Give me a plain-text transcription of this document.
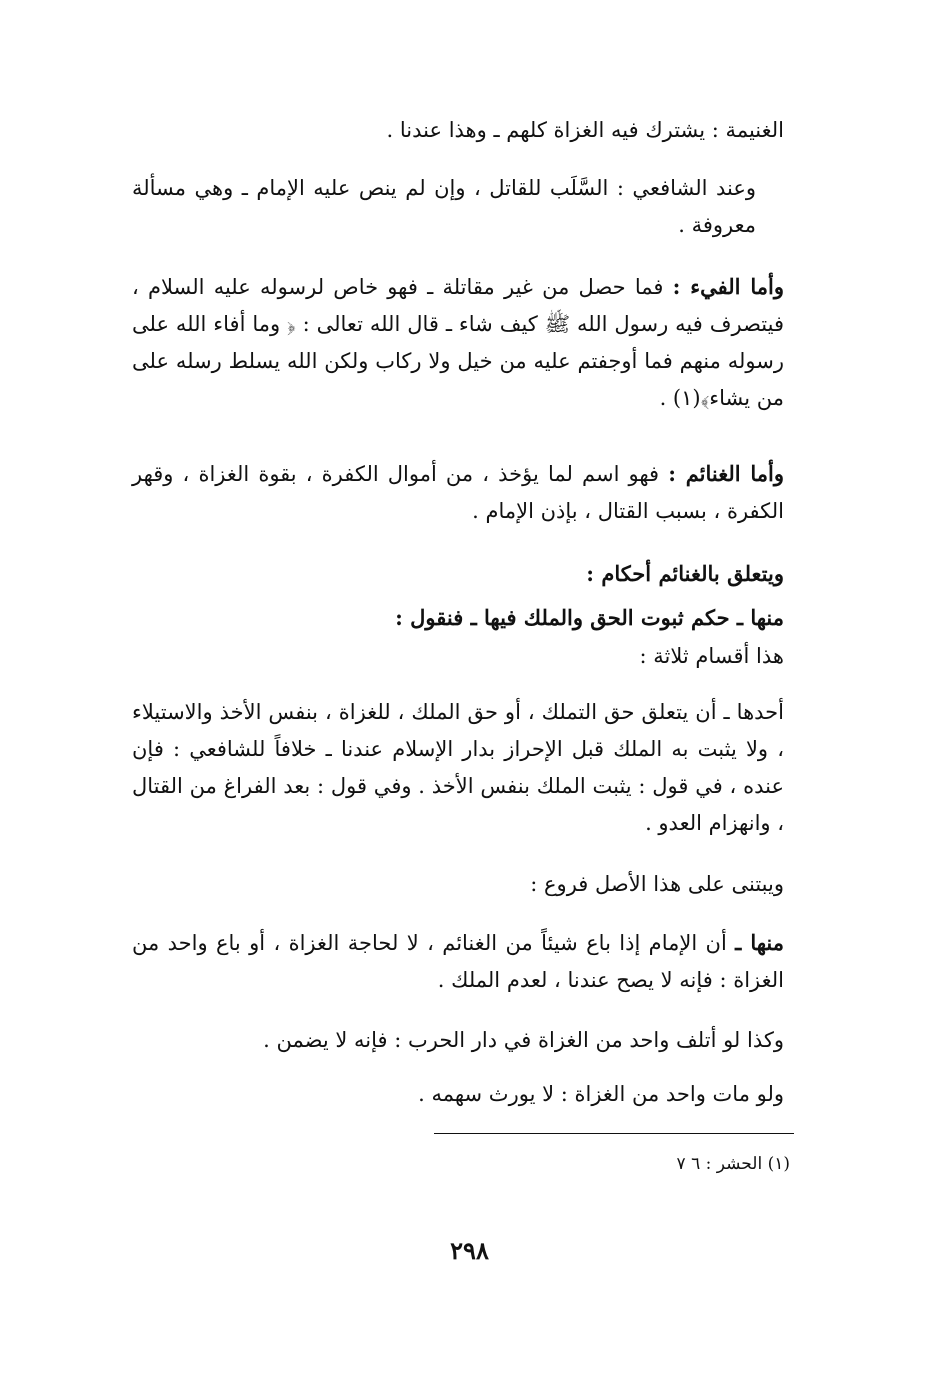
الغنيمة : يشترك فيه الغزاة كلهم ـ وهذا عندنا .

وعند الشافعي : السَّلَب للقاتل ، وإن لم ينص عليه الإمام ـ وهي مسألة معروفة .

وأما الفيء : فما حصل من غير مقاتلة ـ فهو خاص لرسوله عليه السلام ، فيتصرف فيه رسول الله ﷺ كيف شاء ـ قال الله تعالى : ﴿ وما أفاء الله على رسوله منهم فما أوجفتم عليه من خيل ولا ركاب ولكن الله يسلط رسله على من يشاء﴾(١) .

وأما الغنائم : فهو اسم لما يؤخذ ، من أموال الكفرة ، بقوة الغزاة ، وقهر الكفرة ، بسبب القتال ، بإذن الإمام .

ويتعلق بالغنائم أحكام :

منها ـ حكم ثبوت الحق والملك فيها ـ فنقول :

هذا أقسام ثلاثة :

أحدها ـ أن يتعلق حق التملك ، أو حق الملك ، للغزاة ، بنفس الأخذ والاستيلاء ، ولا يثبت به الملك قبل الإحراز بدار الإسلام عندنا ـ خلافاً للشافعي : فإن عنده ، في قول : يثبت الملك بنفس الأخذ . وفي قول : بعد الفراغ من القتال ، وانهزام العدو .

ويبتنى على هذا الأصل فروع :

منها ـ أن الإمام إذا باع شيئاً من الغنائم ، لا لحاجة الغزاة ، أو باع واحد من الغزاة : فإنه لا يصح عندنا ، لعدم الملك .

وكذا لو أتلف واحد من الغزاة في دار الحرب : فإنه لا يضمن .

ولو مات واحد من الغزاة : لا يورث سهمه .

(١) الحشر : ٦ ٧

٢٩٨
